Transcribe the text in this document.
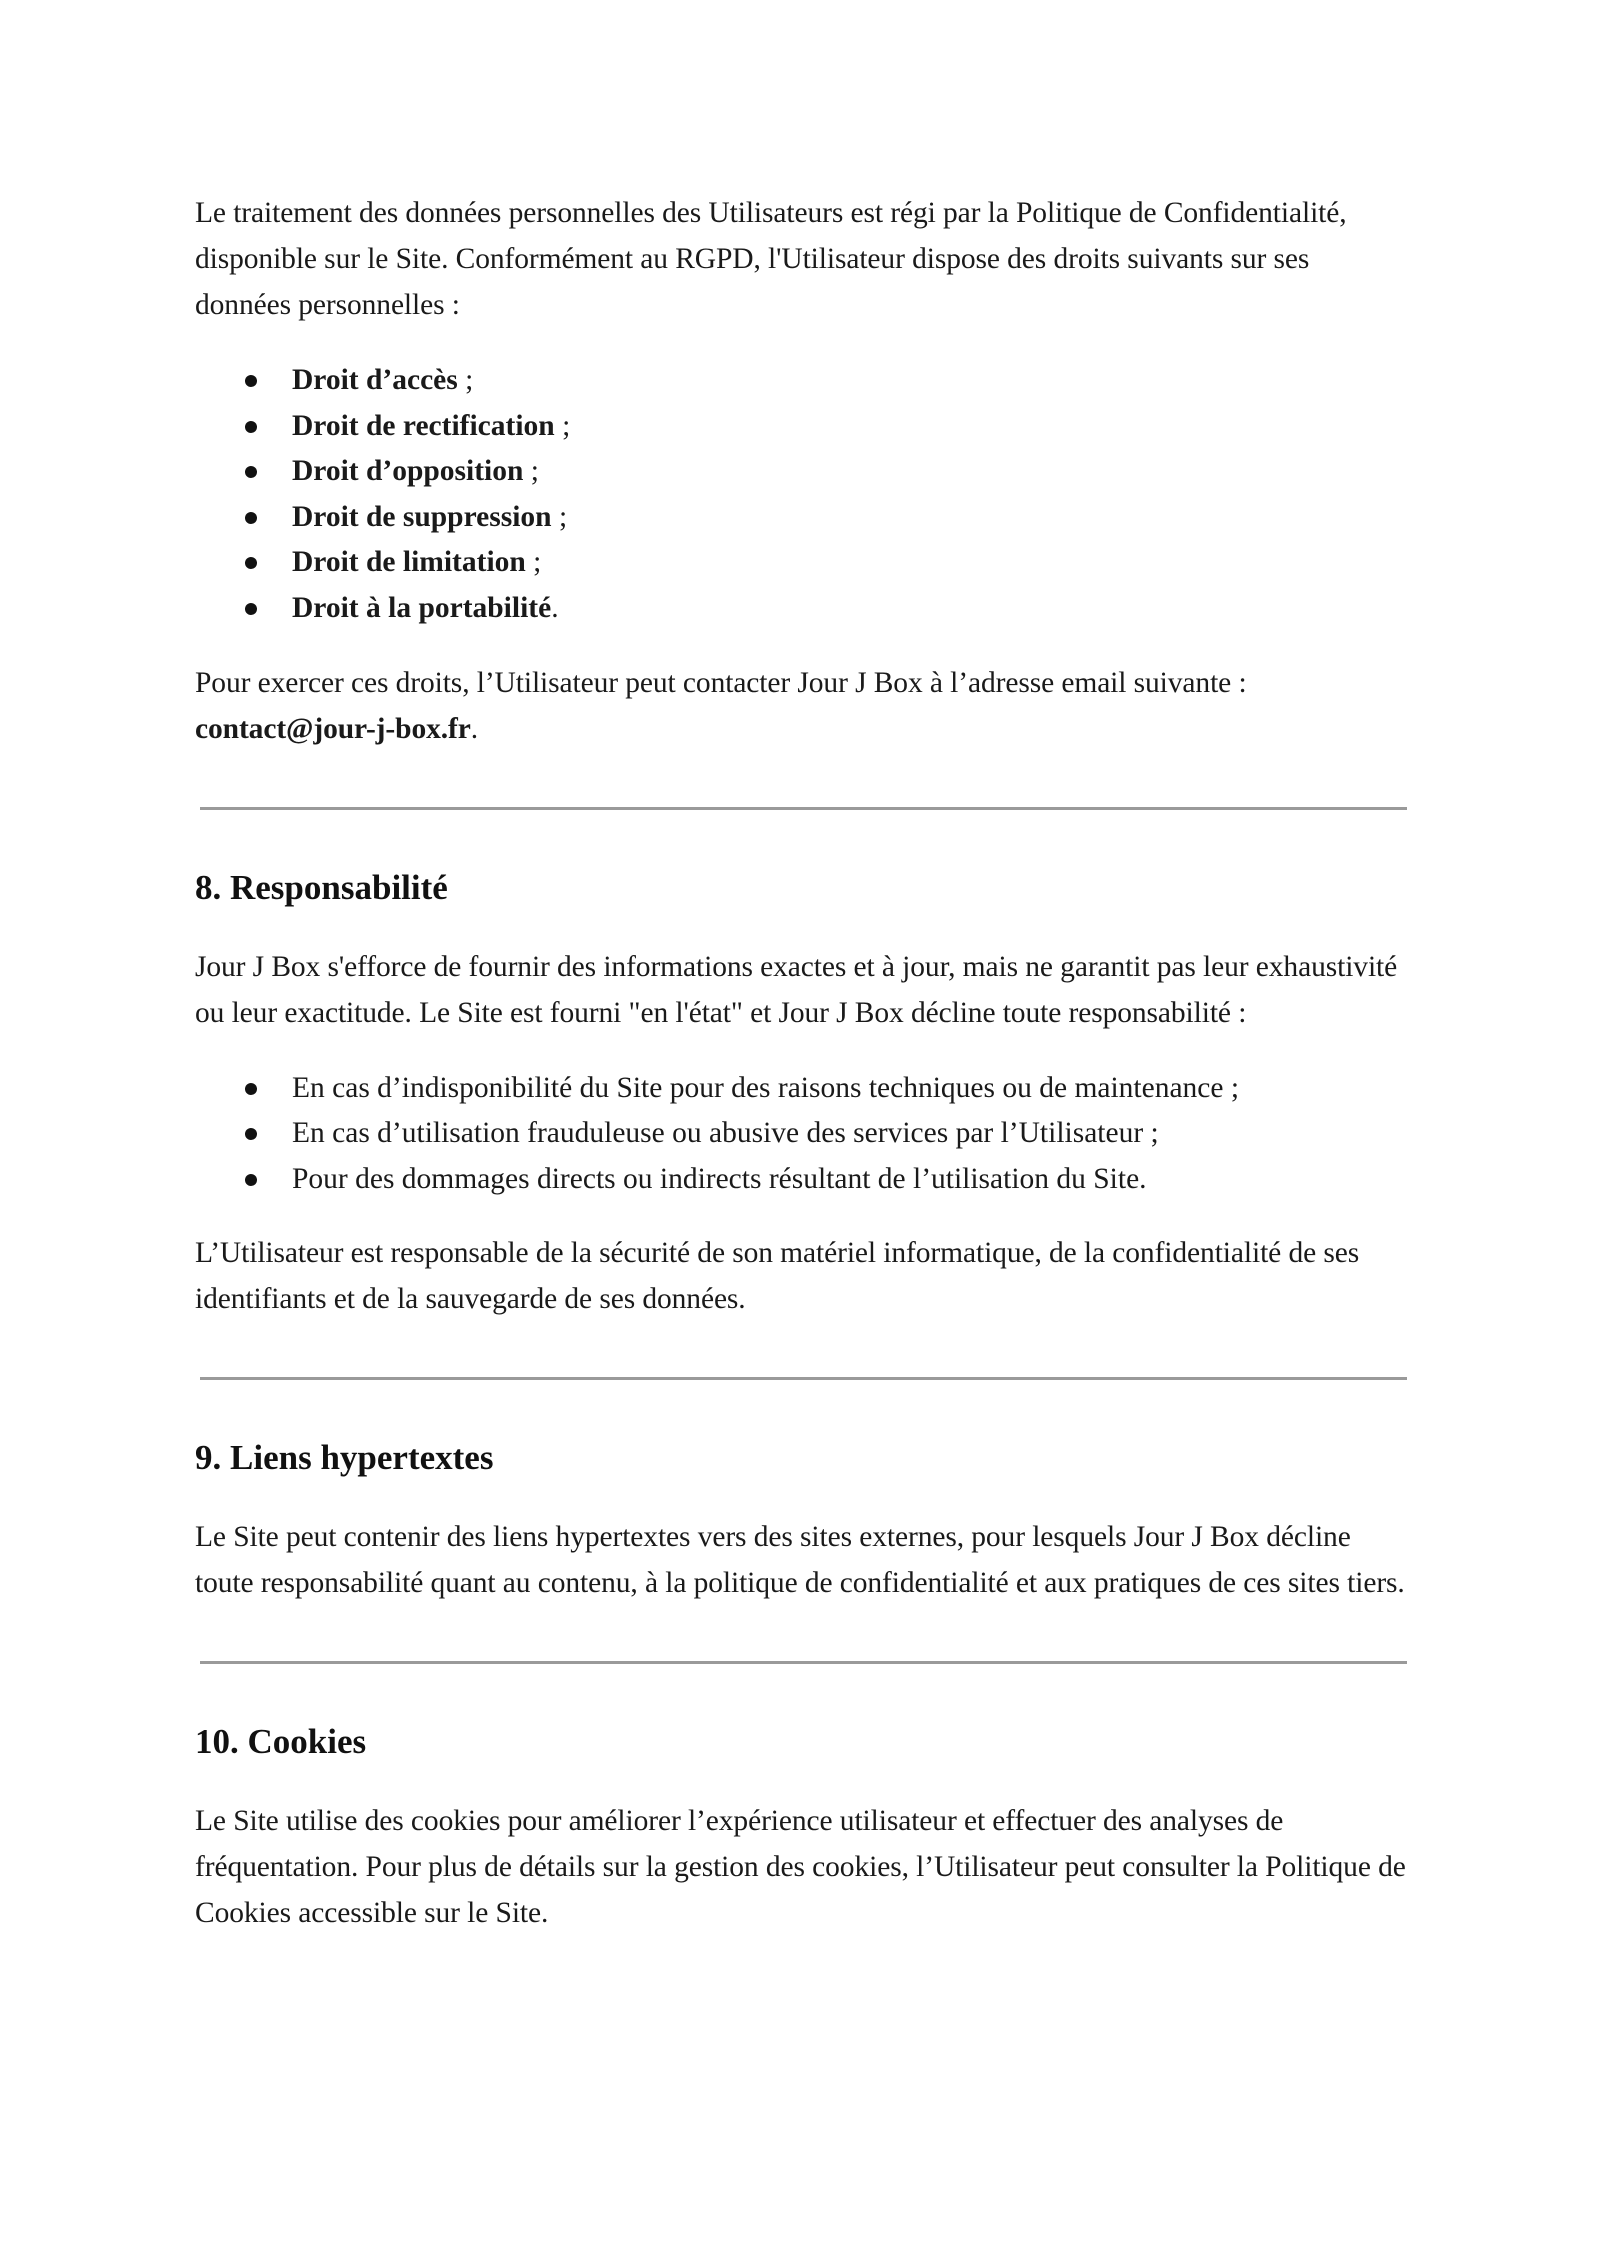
Le traitement des données personnelles des Utilisateurs est régi par la Politique de Confidentialité, disponible sur le Site. Conformément au RGPD, l'Utilisateur dispose des droits suivants sur ses données personnelles :

Droit d’accès ;
Droit de rectification ;
Droit d’opposition ;
Droit de suppression ;
Droit de limitation ;
Droit à la portabilité.

Pour exercer ces droits, l’Utilisateur peut contacter Jour J Box à l’adresse email suivante : contact@jour-j-box.fr.

8. Responsabilité

Jour J Box s'efforce de fournir des informations exactes et à jour, mais ne garantit pas leur exhaustivité ou leur exactitude. Le Site est fourni "en l'état" et Jour J Box décline toute responsabilité :

En cas d’indisponibilité du Site pour des raisons techniques ou de maintenance ;
En cas d’utilisation frauduleuse ou abusive des services par l’Utilisateur ;
Pour des dommages directs ou indirects résultant de l’utilisation du Site.

L’Utilisateur est responsable de la sécurité de son matériel informatique, de la confidentialité de ses identifiants et de la sauvegarde de ses données.

9. Liens hypertextes

Le Site peut contenir des liens hypertextes vers des sites externes, pour lesquels Jour J Box décline toute responsabilité quant au contenu, à la politique de confidentialité et aux pratiques de ces sites tiers.

10. Cookies

Le Site utilise des cookies pour améliorer l’expérience utilisateur et effectuer des analyses de fréquentation. Pour plus de détails sur la gestion des cookies, l’Utilisateur peut consulter la Politique de Cookies accessible sur le Site.
